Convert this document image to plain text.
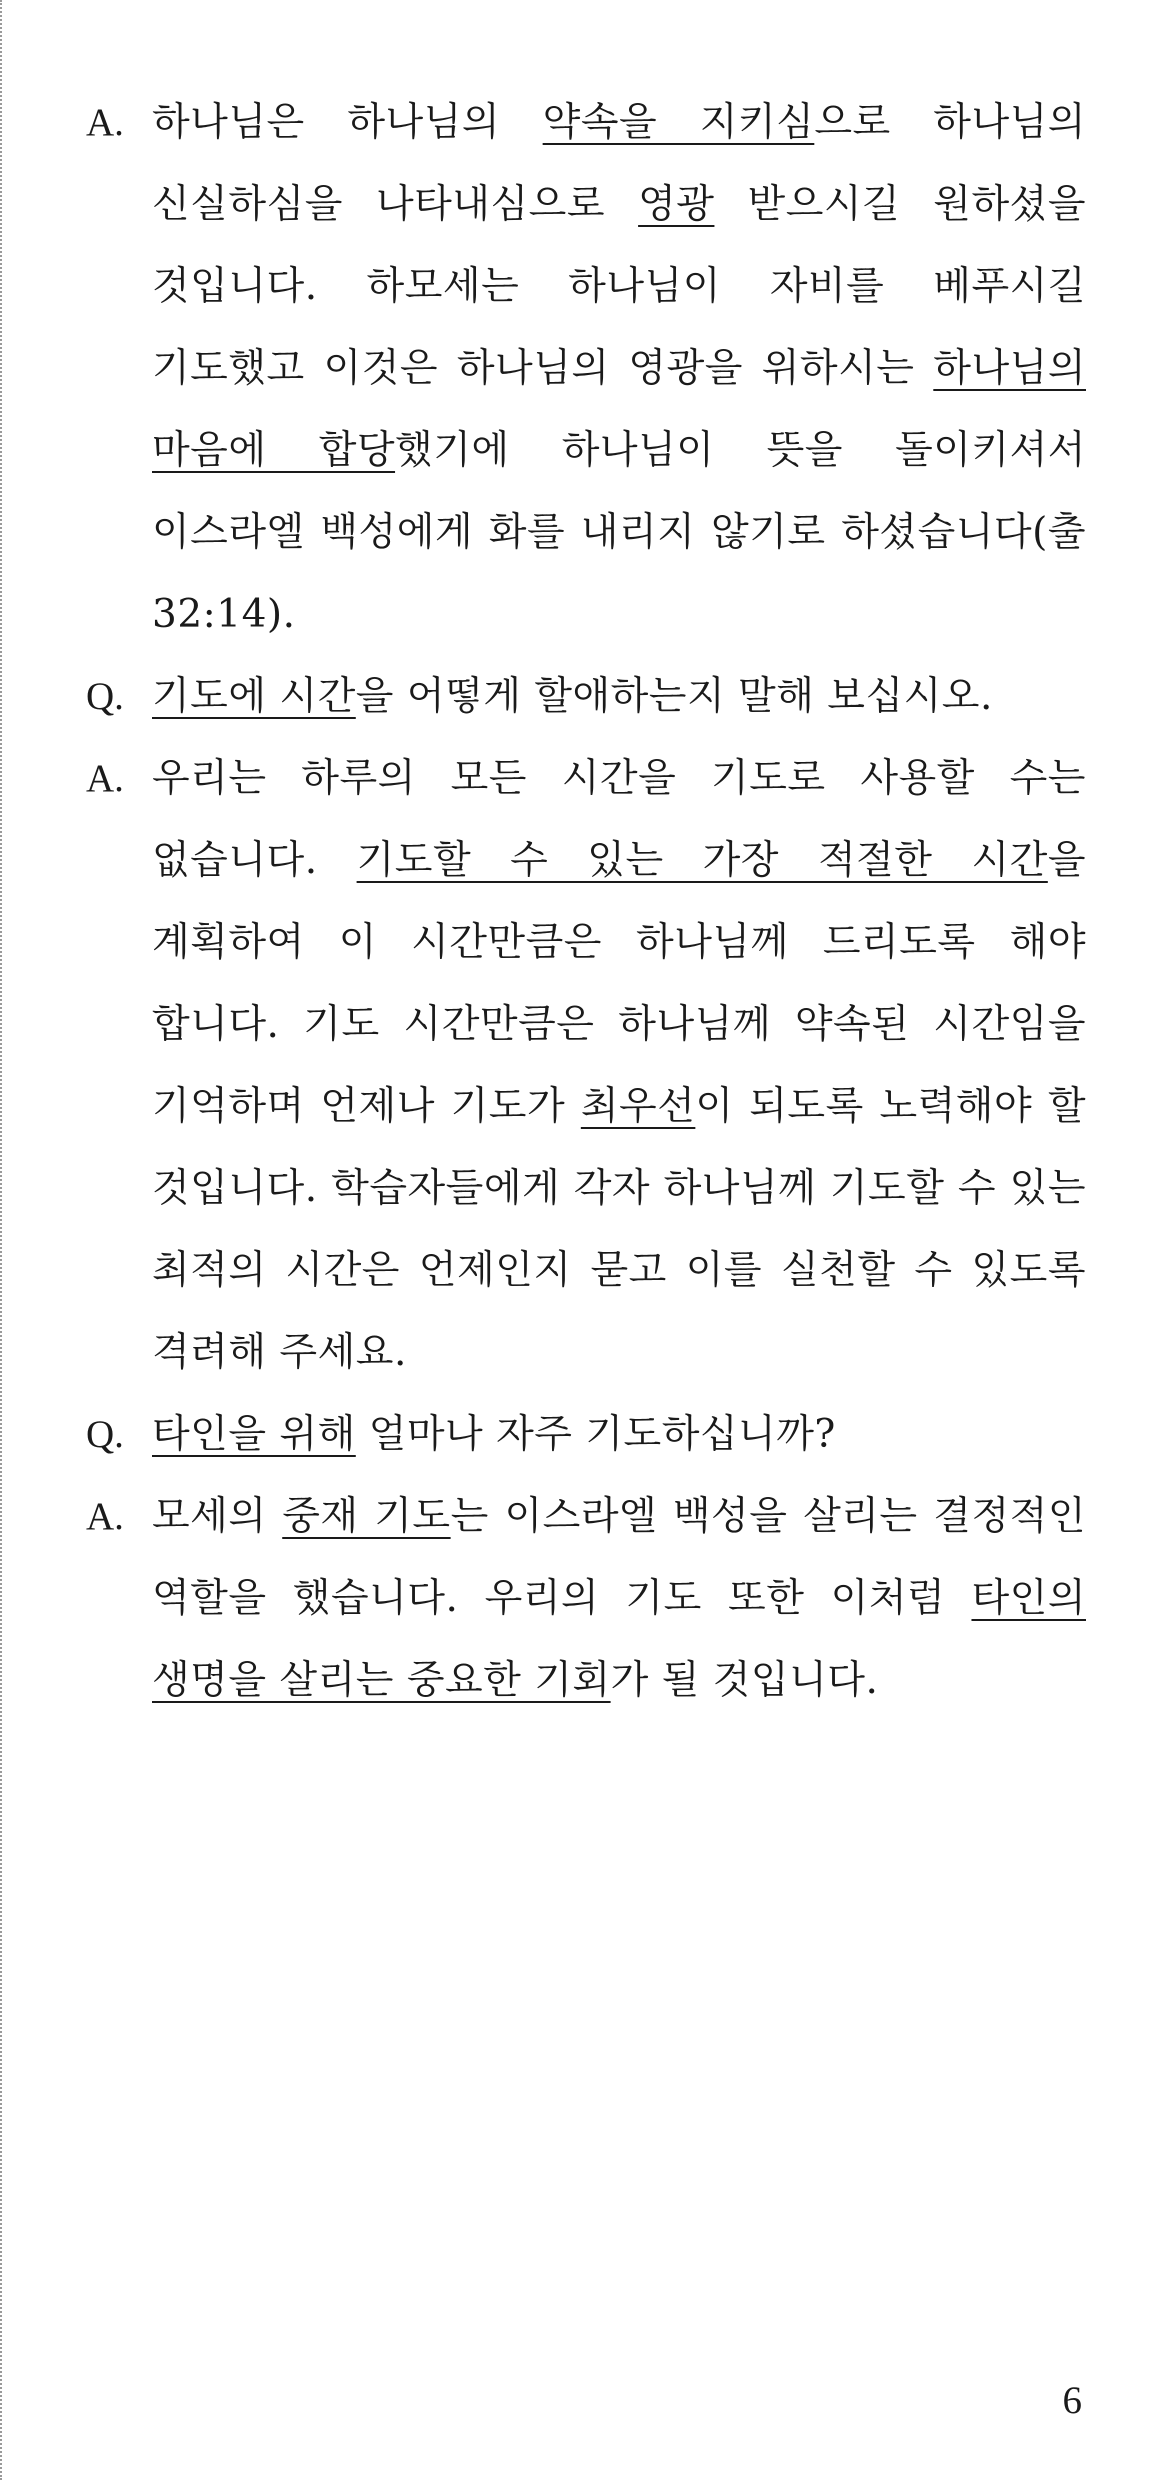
A. 하나님은 하나님의 약속을 지키심으로 하나님의 신실하심을 나타내심으로 영광 받으시길 원하셨을 것입니다. 하모세는 하나님이 자비를 베푸시길 기도했고 이것은 하나님의 영광을 위하시는 하나님의 마음에 합당했기에 하나님이 뜻을 돌이키셔서 이스라엘 백성에게 화를 내리지 않기로 하셨습니다(출 32:14).
Q. 기도에 시간을 어떻게 할애하는지 말해 보십시오.
A. 우리는 하루의 모든 시간을 기도로 사용할 수는 없습니다. 기도할 수 있는 가장 적절한 시간을 계획하여 이 시간만큼은 하나님께 드리도록 해야 합니다. 기도 시간만큼은 하나님께 약속된 시간임을 기억하며 언제나 기도가 최우선이 되도록 노력해야 할 것입니다. 학습자들에게 각자 하나님께 기도할 수 있는 최적의 시간은 언제인지 묻고 이를 실천할 수 있도록 격려해 주세요.
Q. 타인을 위해 얼마나 자주 기도하십니까?
A. 모세의 중재 기도는 이스라엘 백성을 살리는 결정적인 역할을 했습니다. 우리의 기도 또한 이처럼 타인의 생명을 살리는 중요한 기회가 될 것입니다.
6
